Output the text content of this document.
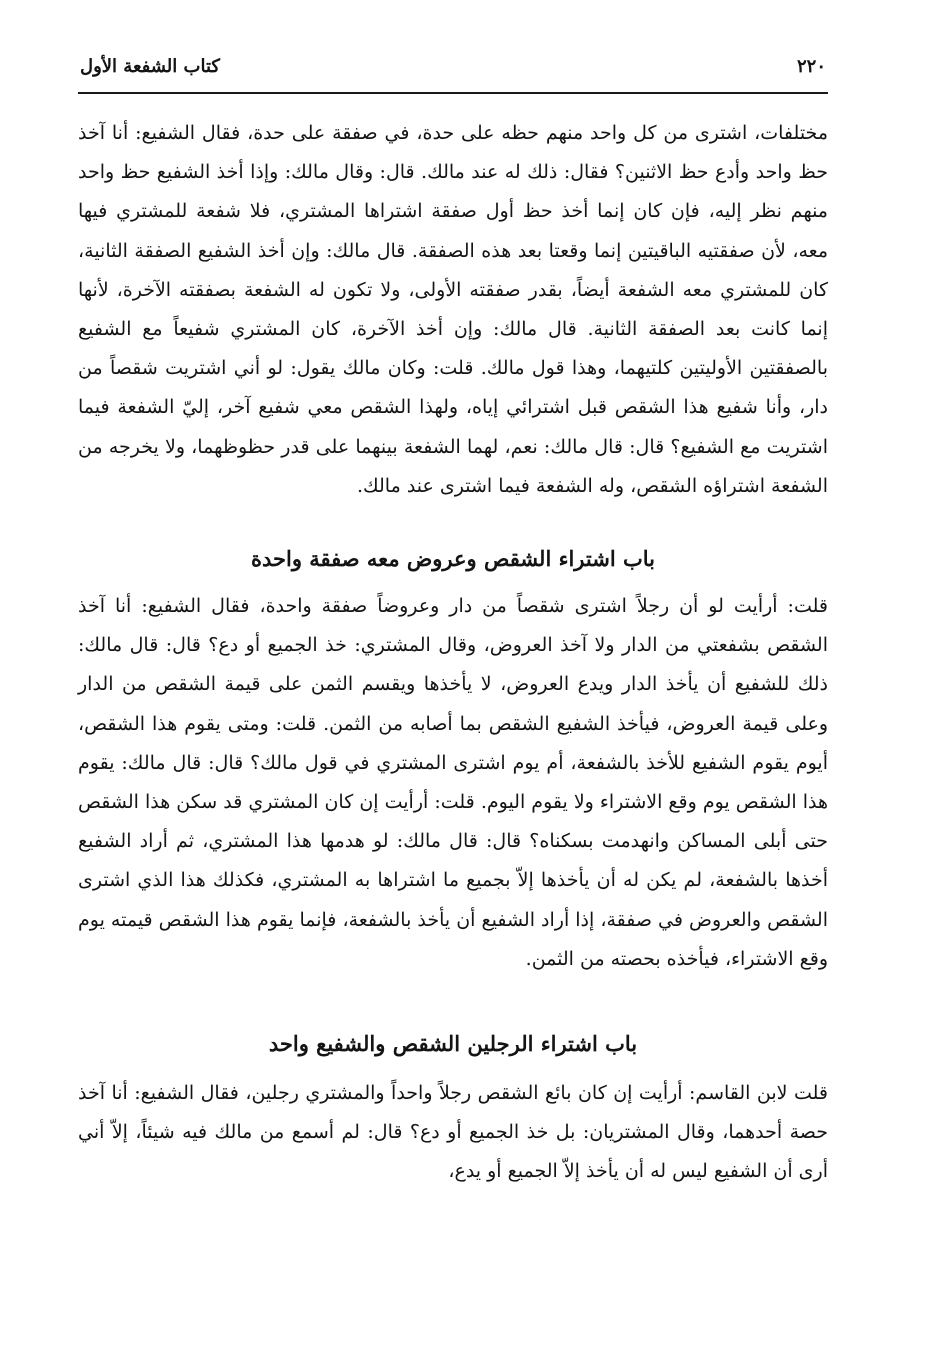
٢٢٠
كتاب الشفعة الأول

مختلفات، اشترى من كل واحد منهم حظه على حدة، في صفقة على حدة، فقال الشفيع: أنا آخذ حظ واحد وأدع حظ الاثنين؟ فقال: ذلك له عند مالك. قال: وقال مالك: وإذا أخذ الشفيع حظ واحد منهم نظر إليه، فإن كان إنما أخذ حظ أول صفقة اشتراها المشتري، فلا شفعة للمشتري فيها معه، لأن صفقتيه الباقيتين إنما وقعتا بعد هذه الصفقة. قال مالك: وإن أخذ الشفيع الصفقة الثانية، كان للمشتري معه الشفعة أيضاً، بقدر صفقته الأولى، ولا تكون له الشفعة بصفقته الآخرة، لأنها إنما كانت بعد الصفقة الثانية. قال مالك: وإن أخذ الآخرة، كان المشتري شفيعاً مع الشفيع بالصفقتين الأوليتين كلتيهما، وهذا قول مالك. قلت: وكان مالك يقول: لو أني اشتريت شقصاً من دار، وأنا شفيع هذا الشقص قبل اشترائي إياه، ولهذا الشقص معي شفيع آخر، إليّ الشفعة فيما اشتريت مع الشفيع؟ قال: قال مالك: نعم، لهما الشفعة بينهما على قدر حظوظهما، ولا يخرجه من الشفعة اشتراؤه الشقص، وله الشفعة فيما اشترى عند مالك.

باب اشتراء الشقص وعروض معه صفقة واحدة

قلت: أرأيت لو أن رجلاً اشترى شقصاً من دار وعروضاً صفقة واحدة، فقال الشفيع: أنا آخذ الشقص بشفعتي من الدار ولا آخذ العروض، وقال المشتري: خذ الجميع أو دع؟ قال: قال مالك: ذلك للشفيع أن يأخذ الدار ويدع العروض، لا يأخذها ويقسم الثمن على قيمة الشقص من الدار وعلى قيمة العروض، فيأخذ الشفيع الشقص بما أصابه من الثمن. قلت: ومتى يقوم هذا الشقص، أيوم يقوم الشفيع للأخذ بالشفعة، أم يوم اشترى المشتري في قول مالك؟ قال: قال مالك: يقوم هذا الشقص يوم وقع الاشتراء ولا يقوم اليوم. قلت: أرأيت إن كان المشتري قد سكن هذا الشقص حتى أبلى المساكن وانهدمت بسكناه؟ قال: قال مالك: لو هدمها هذا المشتري، ثم أراد الشفيع أخذها بالشفعة، لم يكن له أن يأخذها إلاّ بجميع ما اشتراها به المشتري، فكذلك هذا الذي اشترى الشقص والعروض في صفقة، إذا أراد الشفيع أن يأخذ بالشفعة، فإنما يقوم هذا الشقص قيمته يوم وقع الاشتراء، فيأخذه بحصته من الثمن.

باب اشتراء الرجلين الشقص والشفيع واحد

قلت لابن القاسم: أرأيت إن كان بائع الشقص رجلاً واحداً والمشتري رجلين، فقال الشفيع: أنا آخذ حصة أحدهما، وقال المشتريان: بل خذ الجميع أو دع؟ قال: لم أسمع من مالك فيه شيئاً، إلاّ أني أرى أن الشفيع ليس له أن يأخذ إلاّ الجميع أو يدع،
